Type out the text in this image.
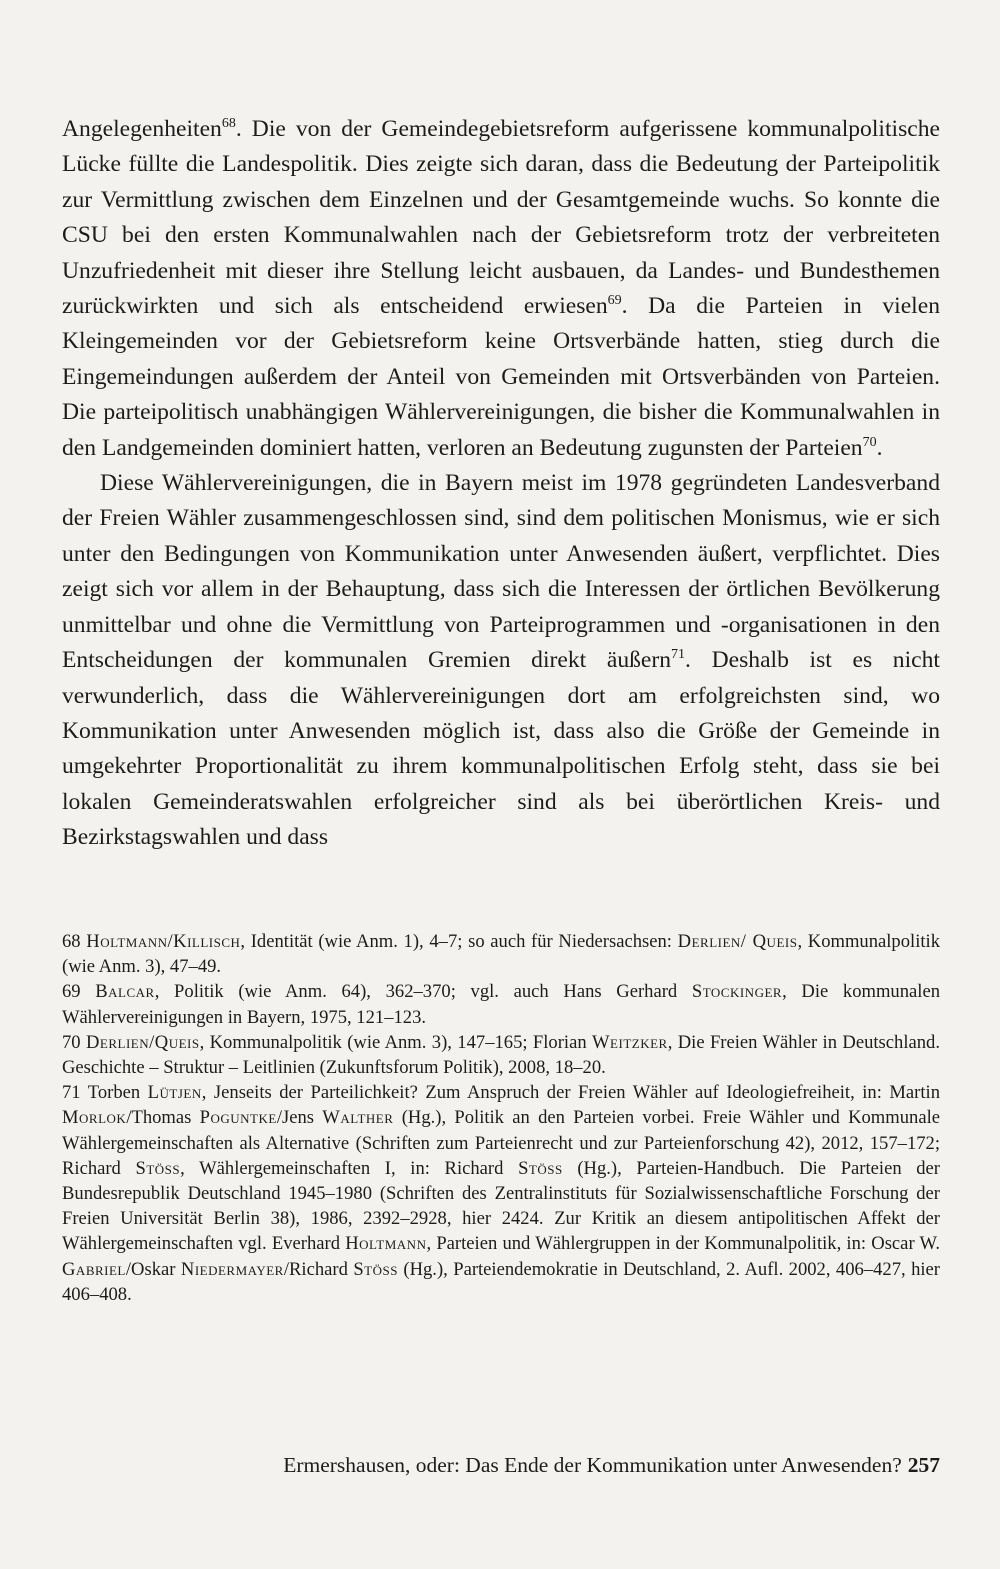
Angelegenheiten$^{68}$. Die von der Gemeindegebietsreform aufgerissene kommunalpolitische Lücke füllte die Landespolitik. Dies zeigte sich daran, dass die Bedeutung der Parteipolitik zur Vermittlung zwischen dem Einzelnen und der Gesamtgemeinde wuchs. So konnte die CSU bei den ersten Kommunalwahlen nach der Gebietsreform trotz der verbreiteten Unzufriedenheit mit dieser ihre Stellung leicht ausbauen, da Landes- und Bundesthemen zurückwirkten und sich als entscheidend erwiesen$^{69}$. Da die Parteien in vielen Kleingemeinden vor der Gebietsreform keine Ortsverbände hatten, stieg durch die Eingemeindungen außerdem der Anteil von Gemeinden mit Ortsverbänden von Parteien. Die parteipolitisch unabhängigen Wählervereinigungen, die bisher die Kommunalwahlen in den Landgemeinden dominiert hatten, verloren an Bedeutung zugunsten der Parteien$^{70}$.

Diese Wählervereinigungen, die in Bayern meist im 1978 gegründeten Landesverband der Freien Wähler zusammengeschlossen sind, sind dem politischen Monismus, wie er sich unter den Bedingungen von Kommunikation unter Anwesenden äußert, verpflichtet. Dies zeigt sich vor allem in der Behauptung, dass sich die Interessen der örtlichen Bevölkerung unmittelbar und ohne die Vermittlung von Parteiprogrammen und -organisationen in den Entscheidungen der kommunalen Gremien direkt äußern$^{71}$. Deshalb ist es nicht verwunderlich, dass die Wählervereinigungen dort am erfolgreichsten sind, wo Kommunikation unter Anwesenden möglich ist, dass also die Größe der Gemeinde in umgekehrter Proportionalität zu ihrem kommunalpolitischen Erfolg steht, dass sie bei lokalen Gemeinderatswahlen erfolgreicher sind als bei überörtlichen Kreis- und Bezirkstagswahlen und dass

68 Holtmann/Killisch, Identität (wie Anm. 1), 4–7; so auch für Niedersachsen: Derlien/ Queis, Kommunalpolitik (wie Anm. 3), 47–49.

69 Balcar, Politik (wie Anm. 64), 362–370; vgl. auch Hans Gerhard Stockinger, Die kommunalen Wählervereinigungen in Bayern, 1975, 121–123.

70 Derlien/Queis, Kommunalpolitik (wie Anm. 3), 147–165; Florian Weitzker, Die Freien Wähler in Deutschland. Geschichte – Struktur – Leitlinien (Zukunftsforum Politik), 2008, 18–20.

71 Torben Lütjen, Jenseits der Parteilichkeit? Zum Anspruch der Freien Wähler auf Ideologiefreiheit, in: Martin Morlok/Thomas Poguntke/Jens Walther (Hg.), Politik an den Parteien vorbei. Freie Wähler und Kommunale Wählergemeinschaften als Alternative (Schriften zum Parteienrecht und zur Parteienforschung 42), 2012, 157–172; Richard Stöss, Wählergemeinschaften I, in: Richard Stöss (Hg.), Parteien-Handbuch. Die Parteien der Bundesrepublik Deutschland 1945–1980 (Schriften des Zentralinstituts für Sozialwissenschaftliche Forschung der Freien Universität Berlin 38), 1986, 2392–2928, hier 2424. Zur Kritik an diesem antipolitischen Affekt der Wählergemeinschaften vgl. Everhard Holtmann, Parteien und Wählergruppen in der Kommunalpolitik, in: Oscar W. Gabriel/Oskar Niedermayer/Richard Stöss (Hg.), Parteiendemokratie in Deutschland, 2. Aufl. 2002, 406–427, hier 406–408.

Ermershausen, oder: Das Ende der Kommunikation unter Anwesenden? 257
